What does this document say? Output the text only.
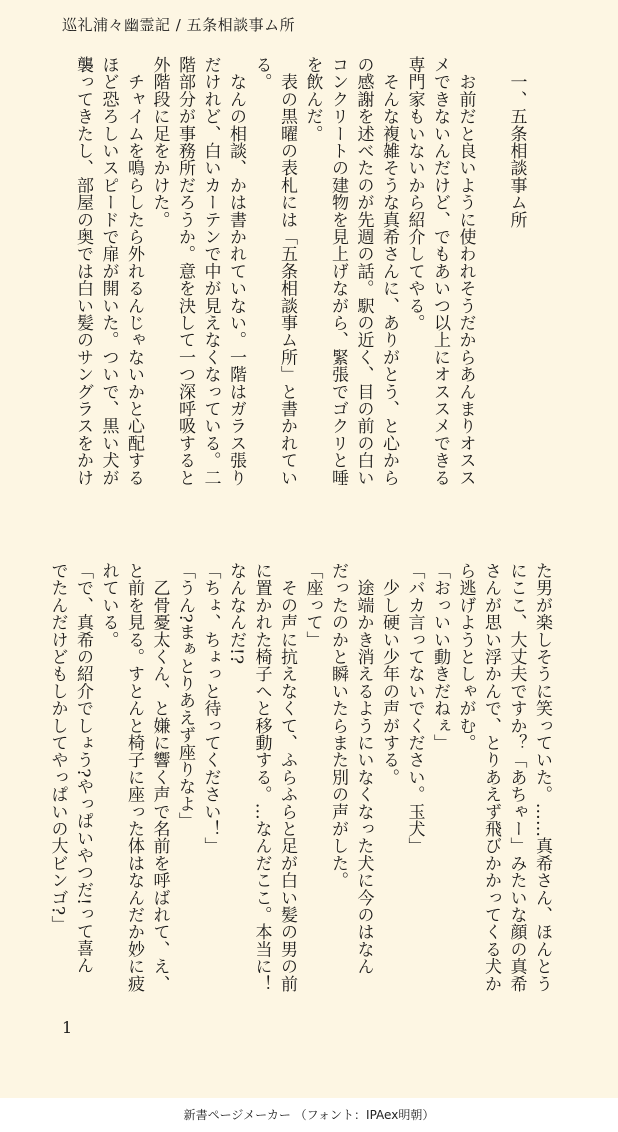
巡礼浦々幽霊記 / 五条相談事ム所
　一、五条相談事ム所
　お前だと良いように使われそうだからあんまりオスス
メできないんだけど、でもあいつ以上にオススメできる
専門家もいないから紹介してやる。
　そんな複雑そうな真希さんに、ありがとう、と心から
の感謝を述べたのが先週の話。駅の近く、目の前の白い
コンクリートの建物を見上げながら、緊張でゴクリと唾
を飲んだ。
　表の黒曜の表札には「五条相談事ム所」と書かれてい
る。
　なんの相談、かは書かれていない。一階はガラス張り
だけれど、白いカーテンで中が見えなくなっている。二
階部分が事務所だろうか。意を決して一つ深呼吸すると
外階段に足をかけた。
　チャイムを鳴らしたら外れるんじゃないかと心配する
ほど恐ろしいスピードで扉が開いた。ついで、黒い犬が
襲ってきたし、部屋の奥では白い髪のサングラスをかけ
た男が楽しそうに笑っていた。……真希さん、ほんとう
にここ、大丈夫ですか？「あちゃー」みたいな顔の真希
さんが思い浮かんで、とりあえず飛びかかってくる犬か
ら逃げようとしゃがむ。
「おっいい動きだねぇ」
「バカ言ってないでください。玉犬」
　少し硬い少年の声がする。
　途端かき消えるようにいなくなった犬に今のはなん
だったのかと瞬いたらまた別の声がした。
「座って」
　その声に抗えなくて、ふらふらと足が白い髪の男の前
に置かれた椅子へと移動する。…なんだここ。本当に！
なんなんだ!?
「ちょ、ちょっと待ってください！」
「うん?まぁとりあえず座りなよ」
　乙骨憂太くん、と嫌に響く声で名前を呼ばれて、え、
と前を見る。すとんと椅子に座った体はなんだか妙に疲
れている。
「で、真希の紹介でしょう?やっぱいやつだ!って喜ん
でたんだけどもしかしてやっぱいの大ビンゴ?」
1
新書ページメーカー （フォント：IPAex明朝）
